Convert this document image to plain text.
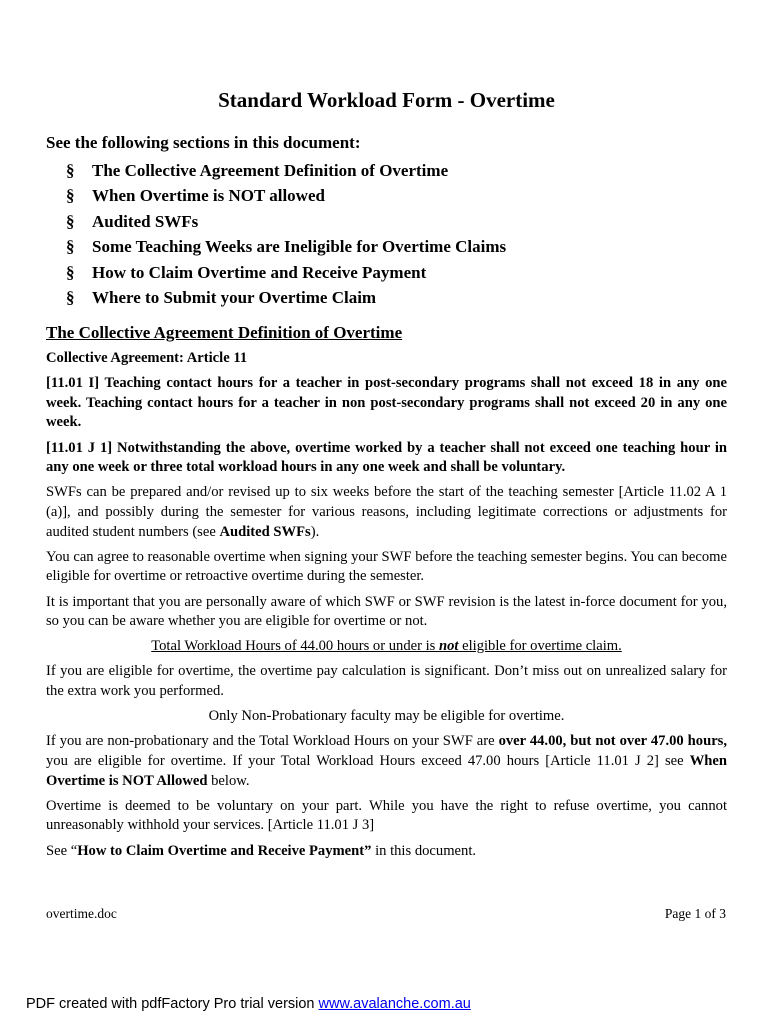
Standard Workload Form - Overtime
See the following sections in this document:
§ The Collective Agreement Definition of Overtime
§ When Overtime is NOT allowed
§ Audited SWFs
§ Some Teaching Weeks are Ineligible for Overtime Claims
§ How to Claim Overtime and Receive Payment
§ Where to Submit your Overtime Claim
The Collective Agreement Definition of Overtime

Collective Agreement: Article 11

[11.01 I] Teaching contact hours for a teacher in post-secondary programs shall not exceed 18 in any one week. Teaching contact hours for a teacher in non post-secondary programs shall not exceed 20 in any one week.

[11.01 J 1] Notwithstanding the above, overtime worked by a teacher shall not exceed one teaching hour in any one week or three total workload hours in any one week and shall be voluntary.

SWFs can be prepared and/or revised up to six weeks before the start of the teaching semester [Article 11.02 A 1 (a)], and possibly during the semester for various reasons, including legitimate corrections or adjustments for audited student numbers (see Audited SWFs).

You can agree to reasonable overtime when signing your SWF before the teaching semester begins. You can become eligible for overtime or retroactive overtime during the semester.

It is important that you are personally aware of which SWF or SWF revision is the latest in-force document for you, so you can be aware whether you are eligible for overtime or not.

Total Workload Hours of 44.00 hours or under is not eligible for overtime claim.

If you are eligible for overtime, the overtime pay calculation is significant. Don’t miss out on unrealized salary for the extra work you performed.

Only Non-Probationary faculty may be eligible for overtime.

If you are non-probationary and the Total Workload Hours on your SWF are over 44.00, but not over 47.00 hours, you are eligible for overtime. If your Total Workload Hours exceed 47.00 hours [Article 11.01 J 2] see When Overtime is NOT Allowed below.

Overtime is deemed to be voluntary on your part. While you have the right to refuse overtime, you cannot unreasonably withhold your services. [Article 11.01 J 3]

See “How to Claim Overtime and Receive Payment” in this document.

overtime.doc	Page 1 of 3
PDF created with pdfFactory Pro trial version www.avalanche.com.au
